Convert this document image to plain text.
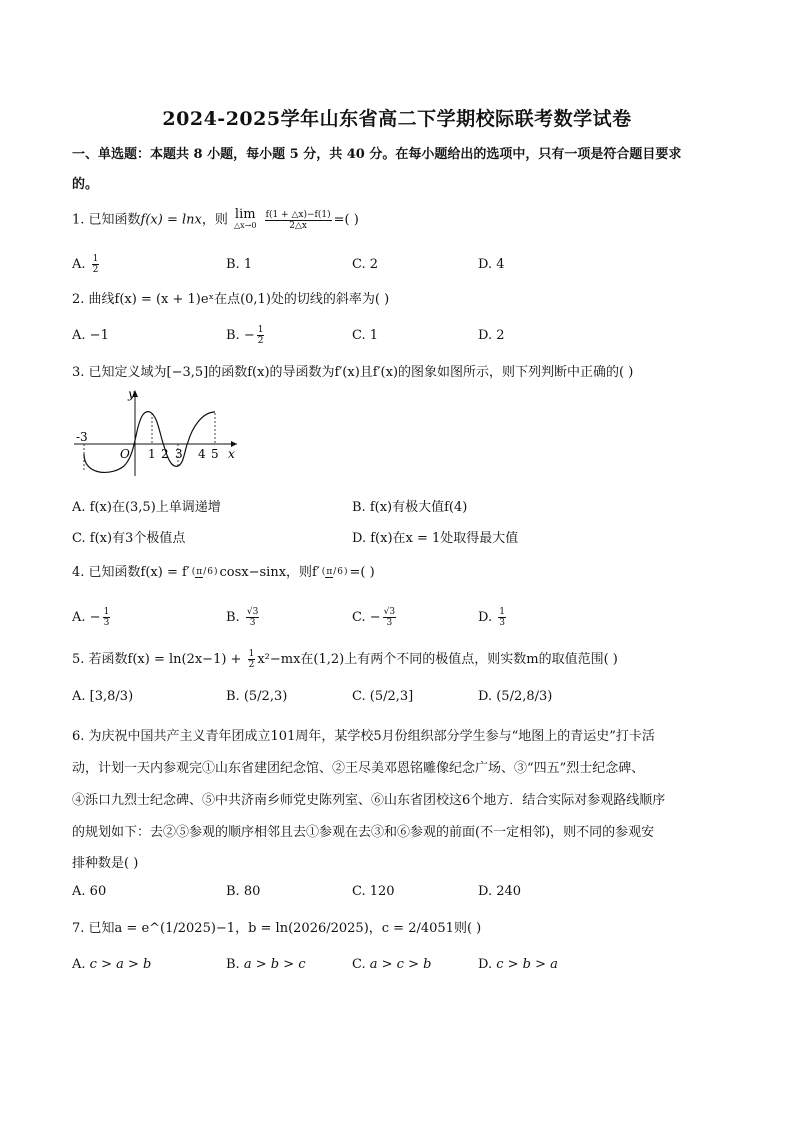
2024-2025学年山东省高二下学期校际联考数学试卷
一、单选题：本题共 8 小题，每小题 5 分，共 40 分。在每小题给出的选项中，只有一项是符合题目要求
的。
1. 已知函数f(x) = lnx，则 lim
△x→0
$\frac{f(1 + \triangle x)-f(1)}{2\triangle x}$ =( )
A. $\frac{1}{2}$	B. 1	C. 2	D. 4
2. 曲线f(x) = (x + 1)eˣ在点(0,1)处的切线的斜率为( )
A. −1	B. − $\frac{1}{2}$	C. 1	D. 2
3. 已知定义域为[−3,5]的函数f(x)的导函数为f′(x)且f′(x)的图象如图所示，则下列判断中正确的( )
y
x
O
-3
1 2 3 4 5
A. f(x)在(3,5)上单调递增	B. f(x)有极大值f(4)
C. f(x)有3个极值点	D. f(x)在x = 1处取得最大值
4. 已知函数f(x) = f′ (π/6) cosx−sinx，则f′ (π/6) =( )
A. − $\frac{1}{3}$	B. $\frac{√3}{3}$	C. − $\frac{√3}{3}$	D. $\frac{1}{3}$
5. 若函数$f(x) = \ln(2x-1) + \frac{1}{2} x^2-mx$在(1,2)上有两个不同的极值点，则实数m的取值范围( )
A. [3,8/3)	B. (5/2,3)	C. (5/2,3]	D. (5/2,8/3)
6. 为庆祝中国共产主义青年团成立101周年，某学校5月份组织部分学生参与“地图上的青运史”打卡活
动，计划一天内参观完①山东省建团纪念馆、②王尽美邓恩铭雕像纪念广场、③“四五”烈士纪念碑、
④泺口九烈士纪念碑、⑤中共济南乡师党史陈列室、⑥山东省团校这6个地方．结合实际对参观路线顺序
的规划如下：去②⑤参观的顺序相邻且去①参观在去③和⑥参观的前面(不一定相邻)，则不同的参观安
排种数是( )
A. 60	B. 80	C. 120	D. 240
7. 已知a = e^(1/2025)−1，b = ln(2026/2025)，c = 2/4051则( )
A. c > a > b	B. a > b > c	C. a > c > b	D. c > b > a
